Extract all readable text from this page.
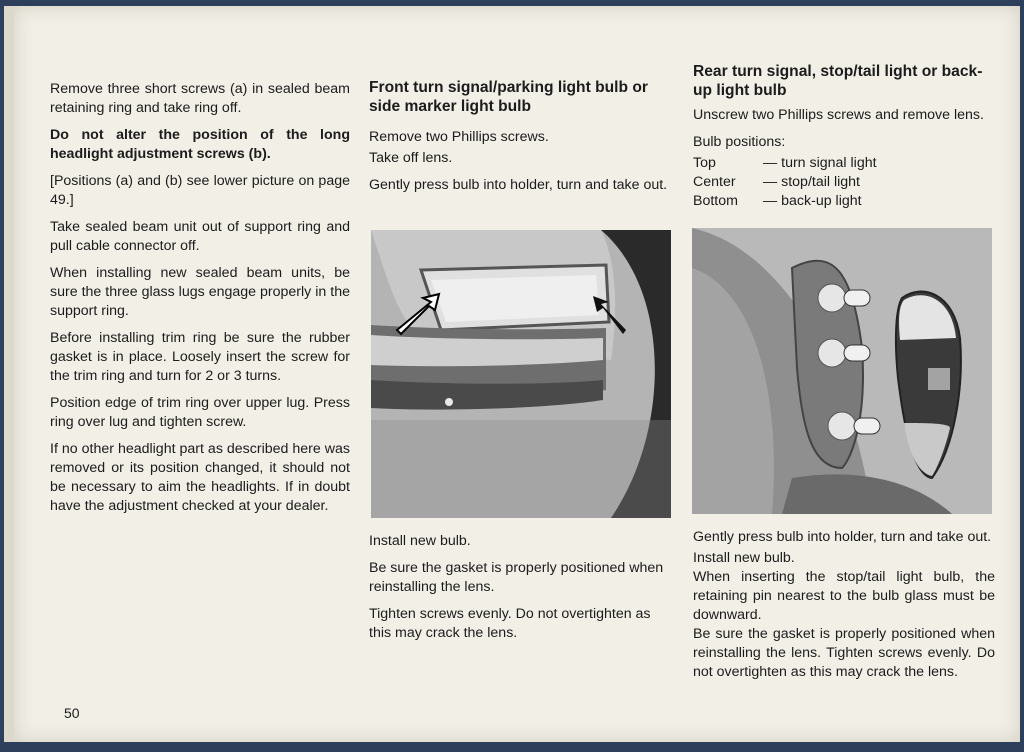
Remove three short screws (a) in sealed beam retaining ring and take ring off.

Do not alter the position of the long headlight adjustment screws (b).

[Positions (a) and (b) see lower picture on page 49.]

Take sealed beam unit out of support ring and pull cable connector off.

When installing new sealed beam units, be sure the three glass lugs engage properly in the support ring.

Before installing trim ring be sure the rubber gasket is in place. Loosely insert the screw for the trim ring and turn for 2 or 3 turns.

Position edge of trim ring over upper lug. Press ring over lug and tighten screw.

If no other headlight part as described here was removed or its position changed, it should not be necessary to aim the headlights. If in doubt have the adjustment checked at your dealer.

Front turn signal/parking light bulb or side marker light bulb

Remove two Phillips screws.

Take off lens.

Gently press bulb into holder, turn and take out.

Install new bulb.

Be sure the gasket is properly positioned when reinstalling the lens.

Tighten screws evenly. Do not overtighten as this may crack the lens.

Rear turn signal, stop/tail light or back-up light bulb

Unscrew two Phillips screws and remove lens.

Bulb positions:

Top	— turn signal light
Center	— stop/tail light
Bottom	— back-up light

Gently press bulb into holder, turn and take out.

Install new bulb.

When inserting the stop/tail light bulb, the retaining pin nearest to the bulb glass must be downward.

Be sure the gasket is properly positioned when reinstalling the lens. Tighten screws evenly. Do not overtighten as this may crack the lens.

50
